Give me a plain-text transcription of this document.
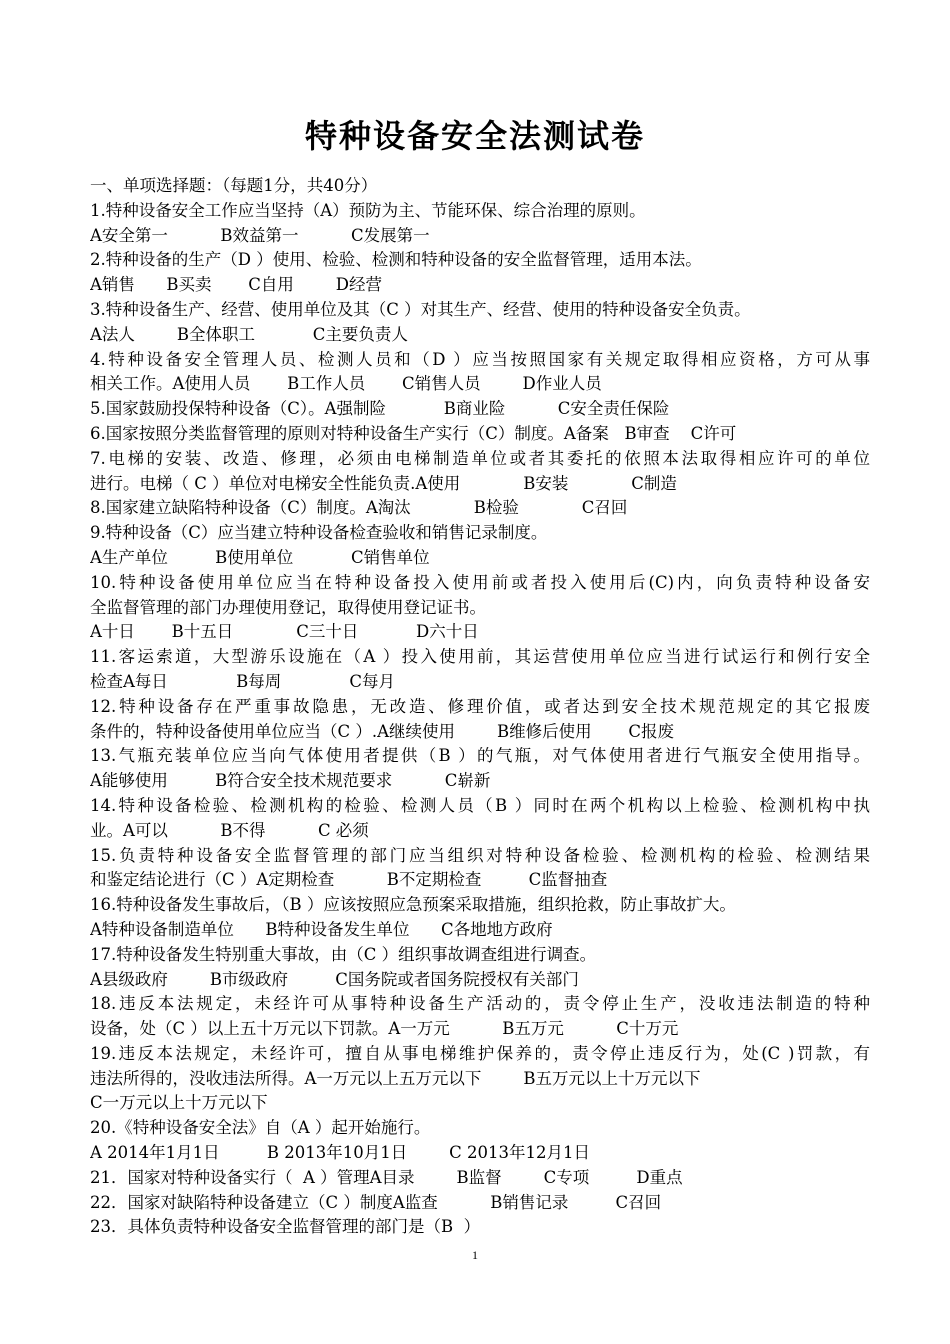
特种设备安全法测试卷
一、单项选择题：（每题1分，共40分）
1.特种设备安全工作应当坚持（A）预防为主、节能环保、综合治理的原则。
A安全第一          B效益第一          C发展第一
2.特种设备的生产（D ）使用、检验、检测和特种设备的安全监督管理，适用本法。
A销售      B买卖       C自用        D经营
3.特种设备生产、经营、使用单位及其（C ）对其生产、经营、使用的特种设备安全负责。
A法人        B全体职工           C主要负责人
4.特种设备安全管理人员、检测人员和（D ）应当按照国家有关规定取得相应资格，方可从事
相关工作。A使用人员       B工作人员       C销售人员        D作业人员
5.国家鼓励投保特种设备（C）。A强制险           B商业险          C安全责任保险
6.国家按照分类监督管理的原则对特种设备生产实行（C）制度。A备案   B审查    C许可
7.电梯的安装、改造、修理，必须由电梯制造单位或者其委托的依照本法取得相应许可的单位
进行。电梯（ C ）单位对电梯安全性能负责.A使用            B安装            C制造
8.国家建立缺陷特种设备（C）制度。A淘汰            B检验            C召回
9.特种设备（C）应当建立特种设备检查验收和销售记录制度。
A生产单位         B使用单位           C销售单位
10.特种设备使用单位应当在特种设备投入使用前或者投入使用后(C)内，向负责特种设备安
全监督管理的部门办理使用登记，取得使用登记证书。
A十日       B十五日            C三十日           D六十日
11.客运索道，大型游乐设施在（A ）投入使用前，其运营使用单位应当进行试运行和例行安全
检查A每日             B每周             C每月
12.特种设备存在严重事故隐患，无改造、修理价值，或者达到安全技术规范规定的其它报废
条件的，特种设备使用单位应当（C ）.A继续使用        B维修后使用       C报废
13.气瓶充装单位应当向气体使用者提供（B ）的气瓶，对气体使用者进行气瓶安全使用指导。
A能够使用         B符合安全技术规范要求          C崭新
14.特种设备检验、检测机构的检验、检测人员（B ）同时在两个机构以上检验、检测机构中执
业。A可以          B不得          C 必须
15.负责特种设备安全监督管理的部门应当组织对特种设备检验、检测机构的检验、检测结果
和鉴定结论进行（C ）A定期检查          B不定期检查         C监督抽查
16.特种设备发生事故后，（B ）应该按照应急预案采取措施，组织抢救，防止事故扩大。
A特种设备制造单位      B特种设备发生单位      C各地地方政府
17.特种设备发生特别重大事故，由（C ）组织事故调查组进行调查。
A县级政府        B市级政府         C国务院或者国务院授权有关部门
18.违反本法规定，未经许可从事特种设备生产活动的，责令停止生产，没收违法制造的特种
设备，处（C ）以上五十万元以下罚款。A一万元          B五万元          C十万元
19.违反本法规定，未经许可，擅自从事电梯维护保养的，责令停止违反行为，处(C )罚款，有
违法所得的，没收违法所得。A一万元以上五万元以下        B五万元以上十万元以下
C一万元以上十万元以下
20.《特种设备安全法》自（A ）起开始施行。
A 2014年1月1日         B 2013年10月1日        C 2013年12月1日
21．国家对特种设备实行（  A ）管理A目录        B监督        C专项         D重点
22．国家对缺陷特种设备建立（C ）制度A监查          B销售记录         C召回
23．具体负责特种设备安全监督管理的部门是（B  ）
1
